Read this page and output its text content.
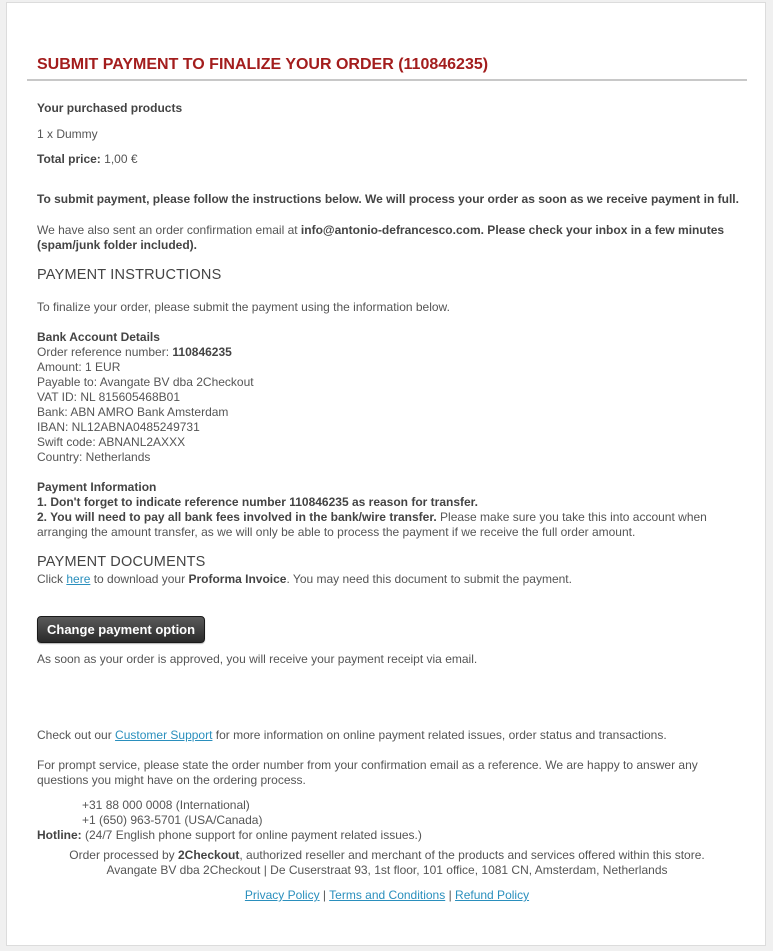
SUBMIT PAYMENT TO FINALIZE YOUR ORDER (110846235)
Your purchased products
1 x Dummy
Total price: 1,00 €
To submit payment, please follow the instructions below. We will process your order as soon as we receive payment in full.
We have also sent an order confirmation email at info@antonio-defrancesco.com. Please check your inbox in a few minutes
(spam/junk folder included).
PAYMENT INSTRUCTIONS
To finalize your order, please submit the payment using the information below.
Bank Account Details
Order reference number: 110846235
Amount: 1 EUR
Payable to: Avangate BV dba 2Checkout
VAT ID: NL 815605468B01
Bank: ABN AMRO Bank Amsterdam
IBAN: NL12ABNA0485249731
Swift code: ABNANL2AXXX
Country: Netherlands
Payment Information
1. Don't forget to indicate reference number 110846235 as reason for transfer.
2. You will need to pay all bank fees involved in the bank/wire transfer. Please make sure you take this into account when
arranging the amount transfer, as we will only be able to process the payment if we receive the full order amount.
PAYMENT DOCUMENTS
Click here to download your Proforma Invoice. You may need this document to submit the payment.
Change payment option
As soon as your order is approved, you will receive your payment receipt via email.
Check out our Customer Support for more information on online payment related issues, order status and transactions.
For prompt service, please state the order number from your confirmation email as a reference. We are happy to answer any
questions you might have on the ordering process.
+31 88 000 0008 (International)
+1 (650) 963-5701 (USA/Canada)
Hotline: (24/7 English phone support for online payment related issues.)
Order processed by 2Checkout, authorized reseller and merchant of the products and services offered within this store.
Avangate BV dba 2Checkout | De Cuserstraat 93, 1st floor, 101 office, 1081 CN, Amsterdam, Netherlands
Privacy Policy | Terms and Conditions | Refund Policy
